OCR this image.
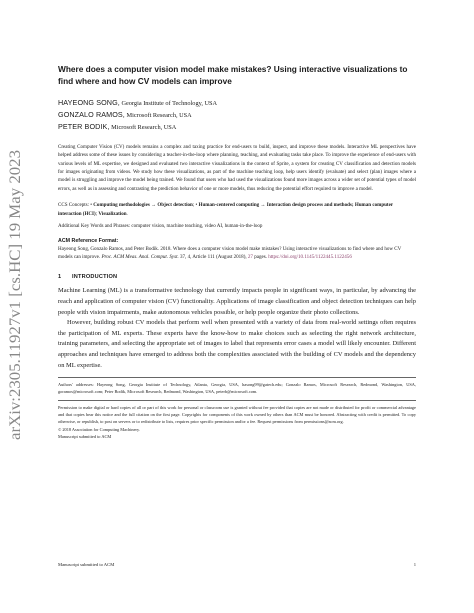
arXiv:2305.11927v1 [cs.HC] 19 May 2023
Where does a computer vision model make mistakes? Using interactive visualizations to find where and how CV models can improve
HAYEONG SONG, Georgia Institute of Technology, USA
GONZALO RAMOS, Microsoft Research, USA
PETER BODIK, Microsoft Research, USA

Creating Computer Vision (CV) models remains a complex and taxing practice for end-users to build, inspect, and improve these models. Interactive ML perspectives have helped address some of these issues by considering a teacher-in-the-loop where planning, teaching, and evaluating tasks take place. To improve the experience of end-users with various levels of ML expertise, we designed and evaluated two interactive visualizations in the context of Sprite, a system for creating CV classification and detection models for images originating from videos. We study how these visualizations, as part of the machine teaching loop, help users identify (evaluate) and select (plan) images where a model is struggling and improve the model being trained. We found that users who had used the visualizations found more images across a wider set of potential types of model errors, as well as in assessing and contrasting the prediction behavior of one or more models, thus reducing the potential effort required to improve a model.

CCS Concepts: • Computing methodologies → Object detection; • Human-centered computing → Interaction design process and methods; Human computer interaction (HCI); Visualization.
Additional Key Words and Phrases: computer vision, machine teaching, video AI, human-in-the-loop
ACM Reference Format:
Hayeong Song, Gonzalo Ramos, and Peter Bodik. 2018. Where does a computer vision model make mistakes? Using interactive visualizations to find where and how CV models can improve. Proc. ACM Meas. Anal. Comput. Syst. 37, 4, Article 111 (August 2018), 27 pages. https://doi.org/10.1145/1122445.1122456
1 INTRODUCTION

Machine Learning (ML) is a transformative technology that currently impacts people in significant ways, in particular, by advancing the reach and application of computer vision (CV) functionality. Applications of image classification and object detection techniques can help people with vision impairments, make autonomous vehicles possible, or help people organize their photo collections.

However, building robust CV models that perform well when presented with a variety of data from real-world settings often requires the participation of ML experts. These experts have the know-how to make choices such as selecting the right network architecture, training parameters, and selecting the appropriate set of images to label that represents error cases a model will likely encounter. Different approaches and techniques have emerged to address both the complexities associated with the building of CV models and the dependency on ML expertise.

Authors' addresses: Hayeong Song, Georgia Institute of Technology, Atlanta, Georgia, USA, hasong99@gatech.edu; Gonzalo Ramos, Microsoft Research, Redmond, Washington, USA, goramos@microsoft.com; Peter Bodik, Microsoft Research, Redmond, Washington, USA, peterb@microsoft.com.
Permission to make digital or hard copies of all or part of this work for personal or classroom use is granted without fee provided that copies are not made or distributed for profit or commercial advantage and that copies bear this notice and the full citation on the first page. Copyrights for components of this work owned by others than ACM must be honored. Abstracting with credit is permitted. To copy otherwise, or republish, to post on servers or to redistribute to lists, requires prior specific permission and/or a fee. Request permissions from permissions@acm.org.
© 2018 Association for Computing Machinery.
Manuscript submitted to ACM
Manuscript submitted to ACM	1
